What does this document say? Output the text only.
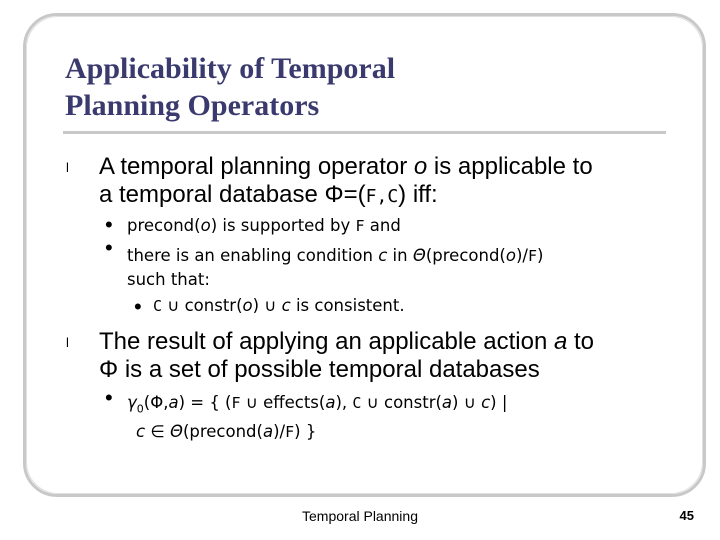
Applicability of Temporal
Planning Operators
l A temporal planning operator o is applicable to
a temporal database Φ=(F,C) iff:
• precond(o) is supported by F and
• there is an enabling condition c in Θ(precond(o)/F)
such that:
• C ∪ constr(o) ∪ c is consistent.
l The result of applying an applicable action a to
Φ is a set of possible temporal databases
• $\gamma_0(\Phi,a)$ = { (F ∪ effects(a), C ∪ constr(a) ∪ c) |
c ∈ Θ(precond(a)/F) }
Temporal Planning	45
